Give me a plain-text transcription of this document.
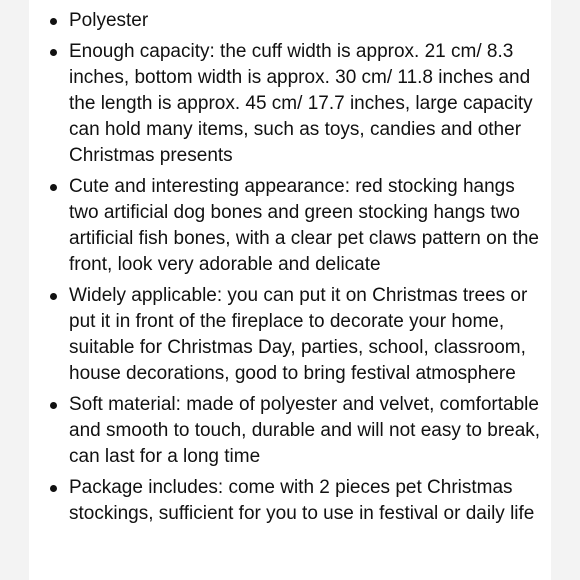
Polyester
Enough capacity: the cuff width is approx. 21 cm/ 8.3 inches, bottom width is approx. 30 cm/ 11.8 inches and the length is approx. 45 cm/ 17.7 inches, large capacity can hold many items, such as toys, candies and other Christmas presents
Cute and interesting appearance: red stocking hangs two artificial dog bones and green stocking hangs two artificial fish bones, with a clear pet claws pattern on the front, look very adorable and delicate
Widely applicable: you can put it on Christmas trees or put it in front of the fireplace to decorate your home, suitable for Christmas Day, parties, school, classroom, house decorations, good to bring festival atmosphere
Soft material: made of polyester and velvet, comfortable and smooth to touch, durable and will not easy to break, can last for a long time
Package includes: come with 2 pieces pet Christmas stockings, sufficient for you to use in festival or daily life
